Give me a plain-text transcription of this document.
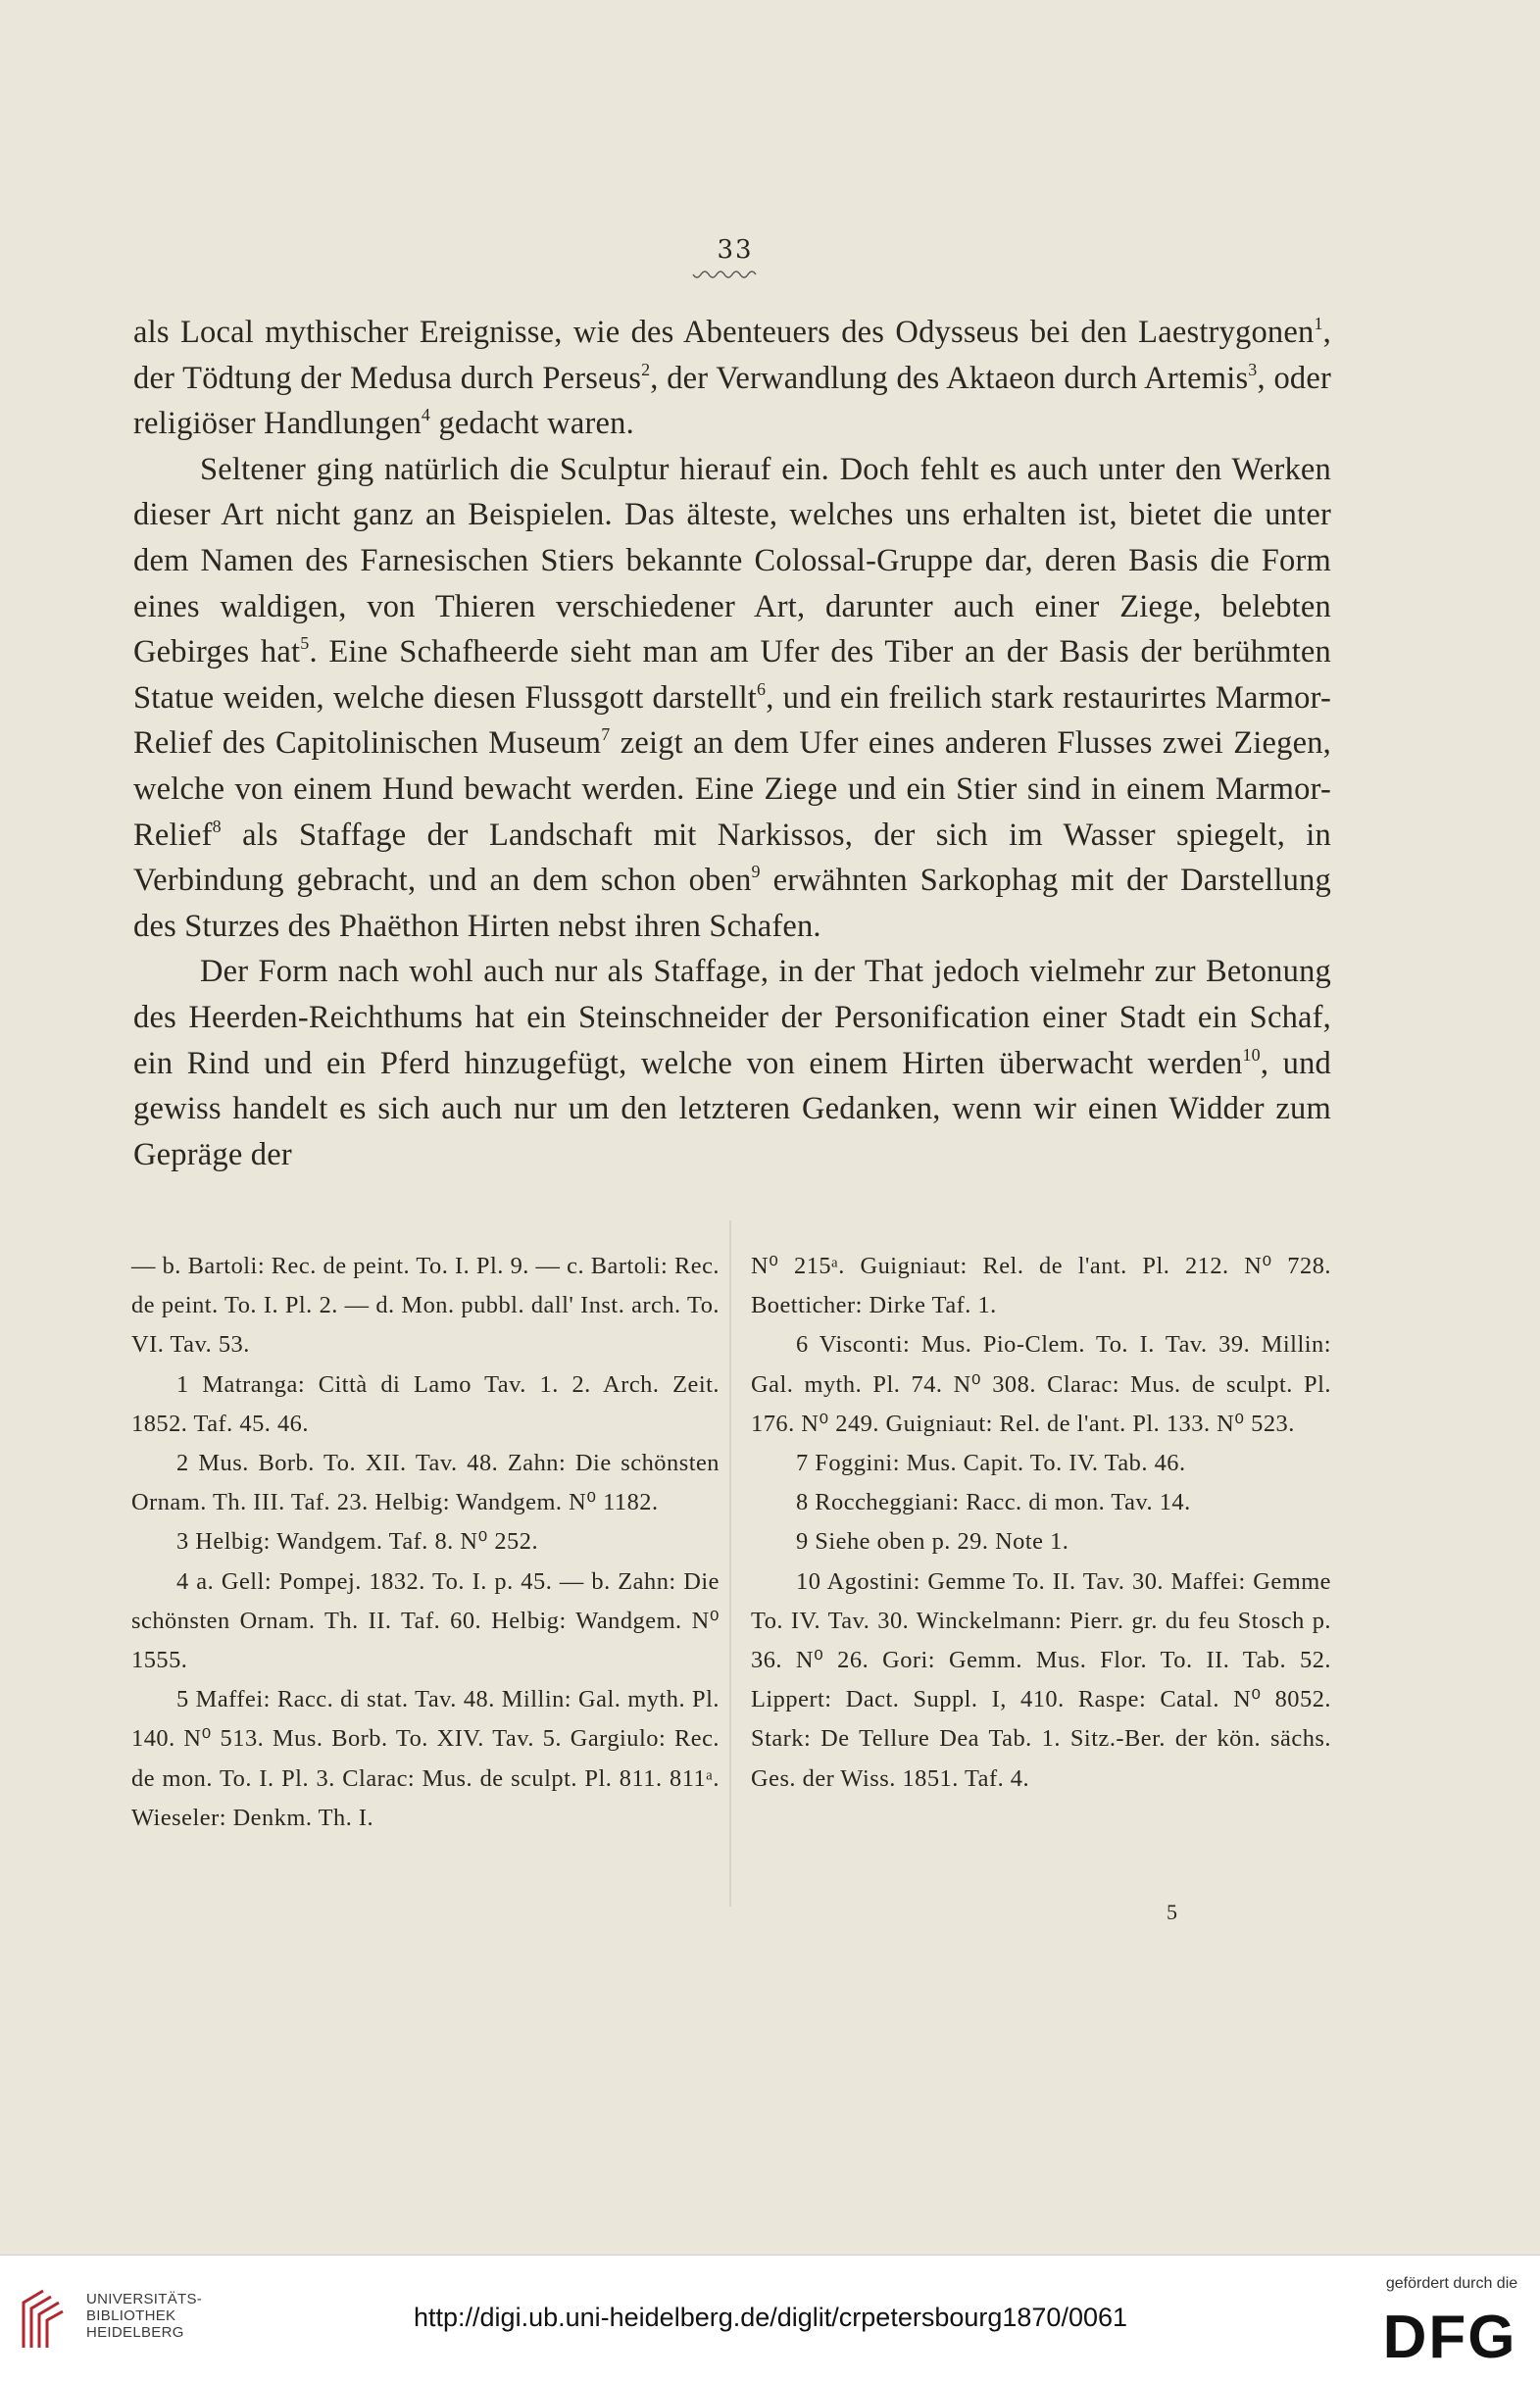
33

als Local mythischer Ereignisse, wie des Abenteuers des Odysseus bei den Laestrygonen$^1$, der Tödtung der Medusa durch Perseus$^2$, der Verwandlung des Aktaeon durch Artemis$^3$, oder religiöser Handlungen$^4$ gedacht waren.

Seltener ging natürlich die Sculptur hierauf ein. Doch fehlt es auch unter den Werken dieser Art nicht ganz an Beispielen. Das älteste, welches uns erhalten ist, bietet die unter dem Namen des Farnesischen Stiers bekannte Colossal-Gruppe dar, deren Basis die Form eines waldigen, von Thieren verschiedener Art, darunter auch einer Ziege, belebten Gebirges hat$^5$. Eine Schafheerde sieht man am Ufer des Tiber an der Basis der berühmten Statue weiden, welche diesen Flussgott darstellt$^6$, und ein freilich stark restaurirtes Marmor-Relief des Capitolinischen Museum$^7$ zeigt an dem Ufer eines anderen Flusses zwei Ziegen, welche von einem Hund bewacht werden. Eine Ziege und ein Stier sind in einem Marmor-Relief$^8$ als Staffage der Landschaft mit Narkissos, der sich im Wasser spiegelt, in Verbindung gebracht, und an dem schon oben$^9$ erwähnten Sarkophag mit der Darstellung des Sturzes des Phaëthon Hirten nebst ihren Schafen.

Der Form nach wohl auch nur als Staffage, in der That jedoch vielmehr zur Betonung des Heerden-Reichthums hat ein Steinschneider der Personification einer Stadt ein Schaf, ein Rind und ein Pferd hinzugefügt, welche von einem Hirten überwacht werden$^{10}$, und gewiss handelt es sich auch nur um den letzteren Gedanken, wenn wir einen Widder zum Gepräge der

— b. Bartoli: Rec. de peint. To. I. Pl. 9. — c. Bartoli: Rec. de peint. To. I. Pl. 2. — d. Mon. pubbl. dall' Inst. arch. To. VI. Tav. 53.

1 Matranga: Città di Lamo Tav. 1. 2. Arch. Zeit. 1852. Taf. 45. 46.

2 Mus. Borb. To. XII. Tav. 48. Zahn: Die schönsten Ornam. Th. III. Taf. 23. Helbig: Wandgem. N⁰ 1182.

3 Helbig: Wandgem. Taf. 8. N⁰ 252.

4 a. Gell: Pompej. 1832. To. I. p. 45. — b. Zahn: Die schönsten Ornam. Th. II. Taf. 60. Helbig: Wandgem. N⁰ 1555.

5 Maffei: Racc. di stat. Tav. 48. Millin: Gal. myth. Pl. 140. N⁰ 513. Mus. Borb. To. XIV. Tav. 5. Gargiulo: Rec. de mon. To. I. Pl. 3. Clarac: Mus. de sculpt. Pl. 811. 811ᵃ. Wieseler: Denkm. Th. I.

N⁰ 215ᵃ. Guigniaut: Rel. de l'ant. Pl. 212. N⁰ 728. Boetticher: Dirke Taf. 1.

6 Visconti: Mus. Pio-Clem. To. I. Tav. 39. Millin: Gal. myth. Pl. 74. N⁰ 308. Clarac: Mus. de sculpt. Pl. 176. N⁰ 249. Guigniaut: Rel. de l'ant. Pl. 133. N⁰ 523.

7 Foggini: Mus. Capit. To. IV. Tab. 46.

8 Roccheggiani: Racc. di mon. Tav. 14.

9 Siehe oben p. 29. Note 1.

10 Agostini: Gemme To. II. Tav. 30. Maffei: Gemme To. IV. Tav. 30. Winckelmann: Pierr. gr. du feu Stosch p. 36. N⁰ 26. Gori: Gemm. Mus. Flor. To. II. Tab. 52. Lippert: Dact. Suppl. I, 410. Raspe: Catal. N⁰ 8052. Stark: De Tellure Dea Tab. 1. Sitz.-Ber. der kön. sächs. Ges. der Wiss. 1851. Taf. 4.

5
UNIVERSITÄTS-
BIBLIOTHEK
HEIDELBERG
http://digi.ub.uni-heidelberg.de/diglit/crpetersbourg1870/0061
gefördert durch die
DFG
